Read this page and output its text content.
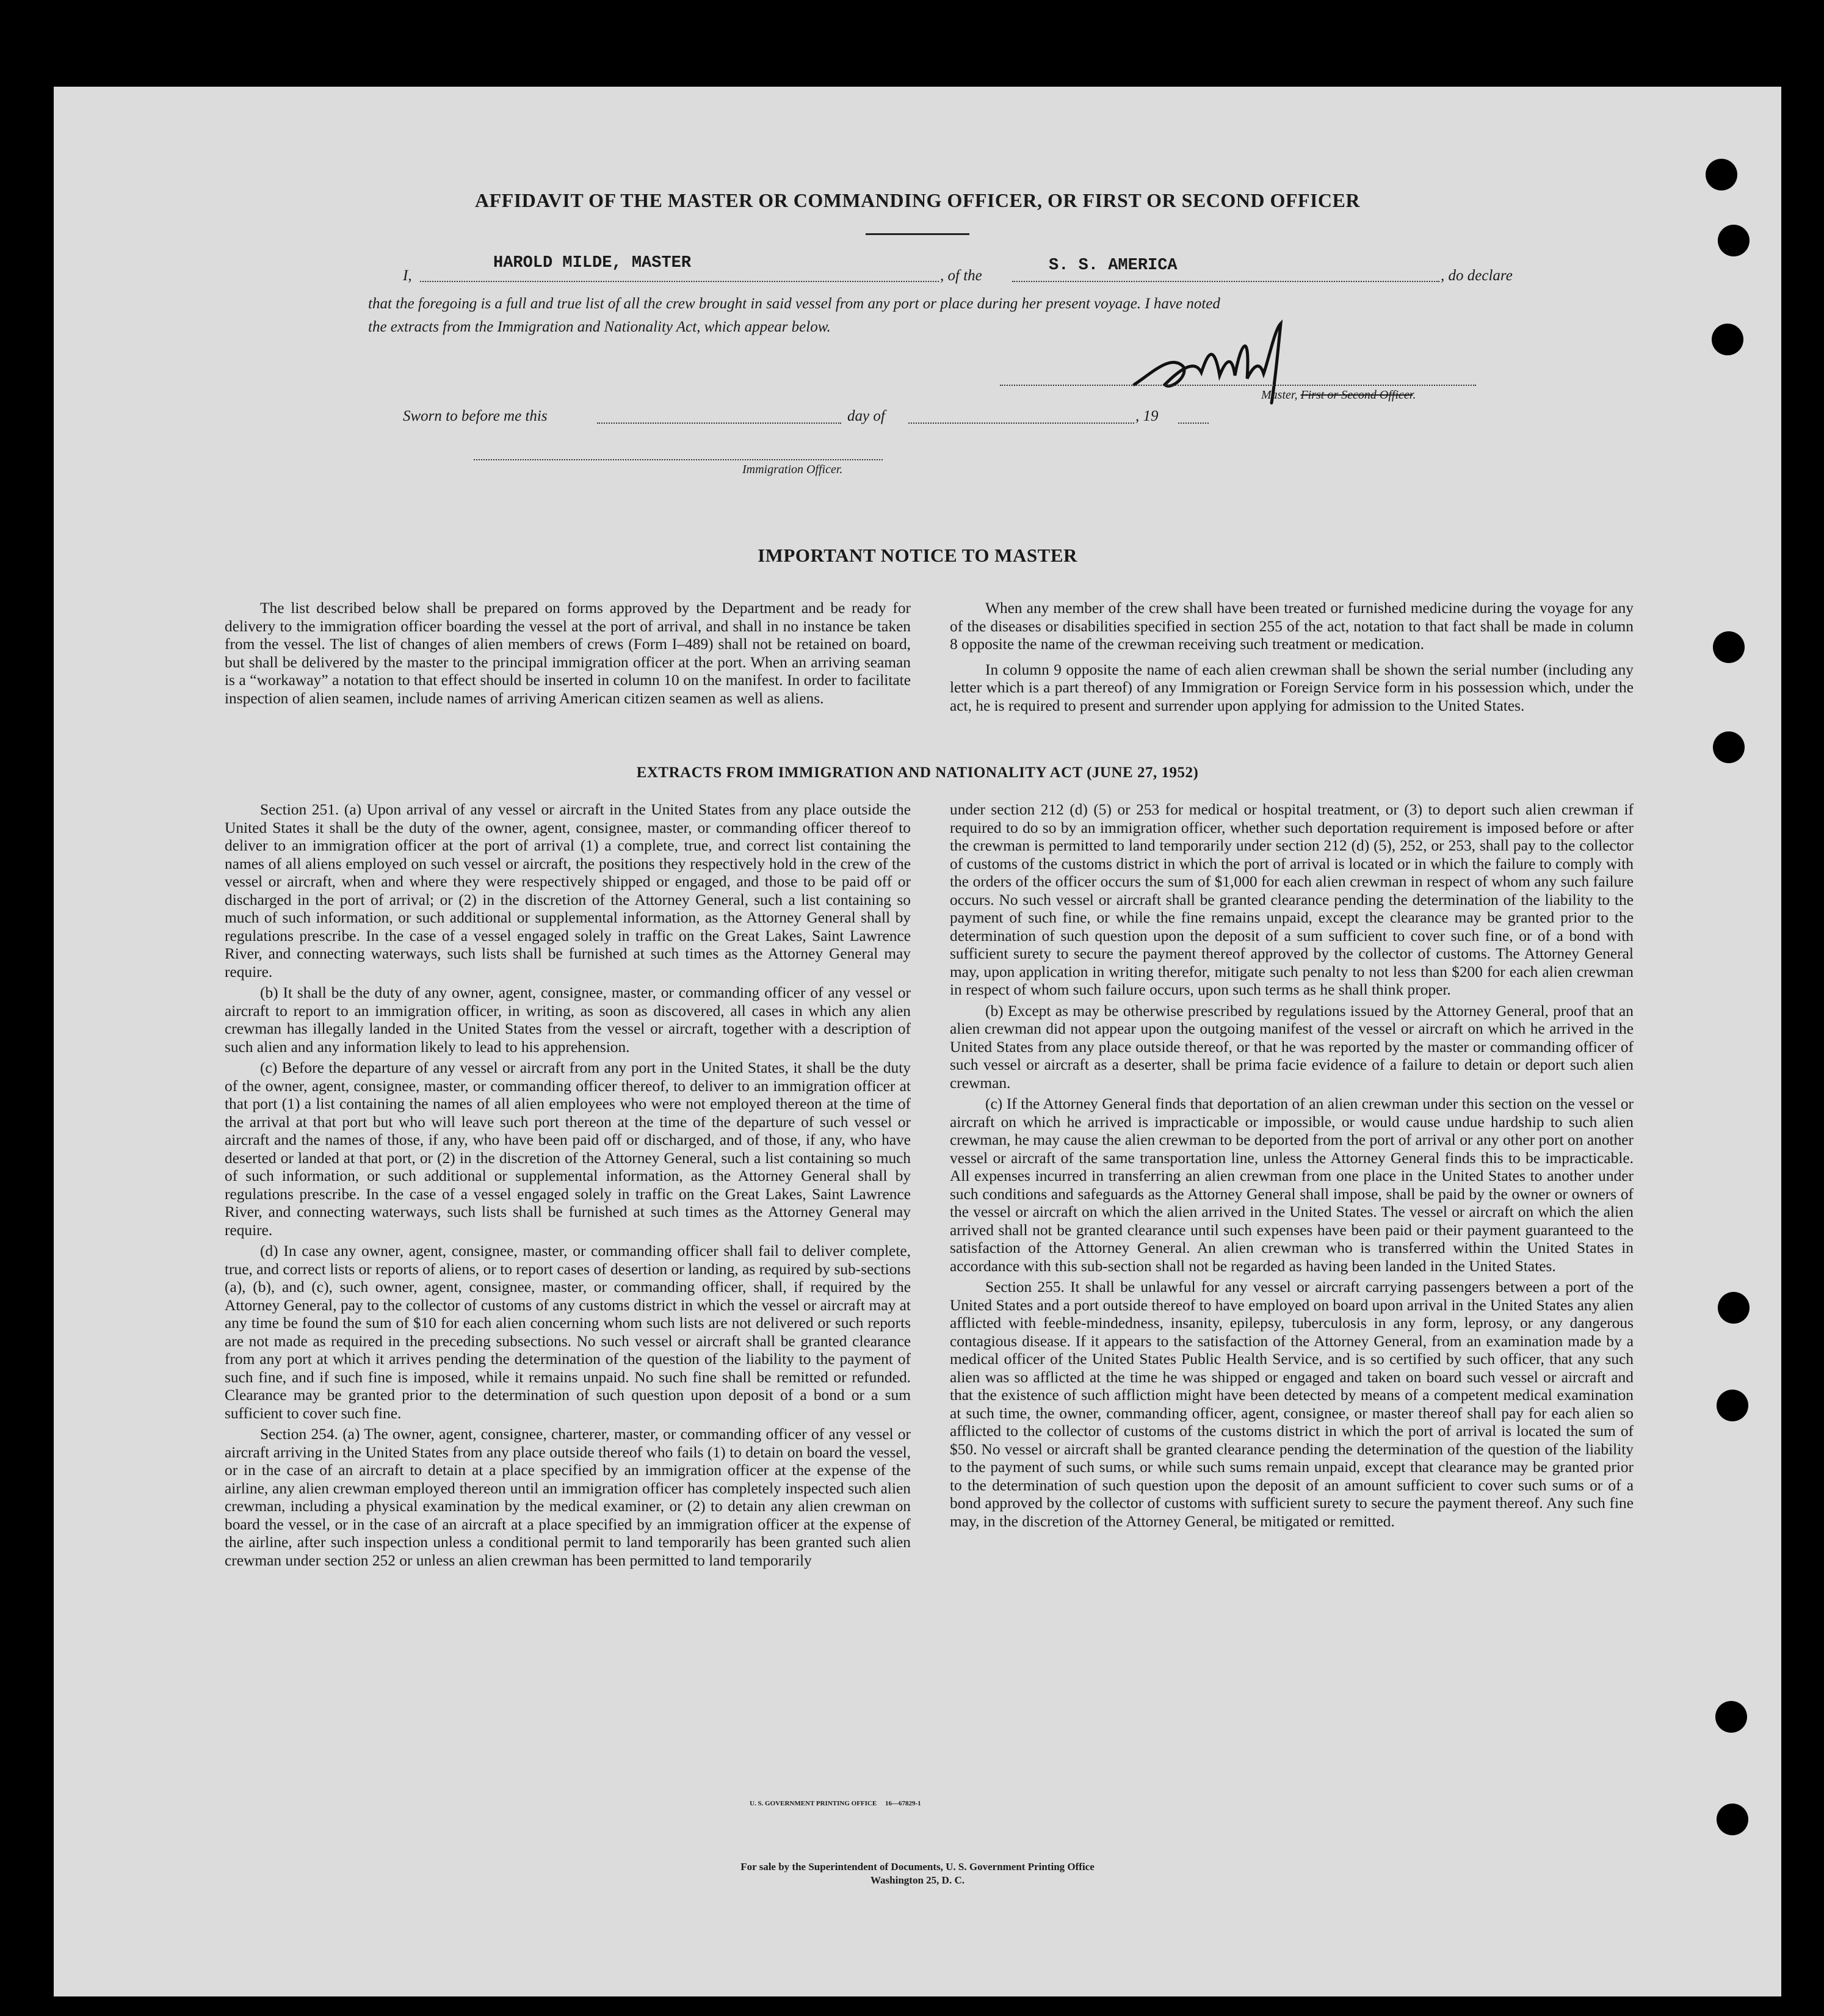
AFFIDAVIT OF THE MASTER OR COMMANDING OFFICER, OR FIRST OR SECOND OFFICER
I,
HAROLD MILDE, MASTER
, of the
S. S. AMERICA
, do declare
that the foregoing is a full and true list of all the crew brought in said vessel from any port or place during her present voyage. I have noted
the extracts from the Immigration and Nationality Act, which appear below.
Master, First or Second Officer.
Sworn to before me this	day of	, 19
Immigration Officer.
IMPORTANT NOTICE TO MASTER

The list described below shall be prepared on forms approved by the Department and be ready for delivery to the immigration officer boarding the vessel at the port of arrival, and shall in no instance be taken from the vessel. The list of changes of alien members of crews (Form I–489) shall not be retained on board, but shall be delivered by the master to the principal immigration officer at the port. When an arriving seaman is a “workaway” a notation to that effect should be inserted in column 10 on the manifest. In order to facilitate inspection of alien seamen, include names of arriving American citizen seamen as well as aliens.

When any member of the crew shall have been treated or furnished medicine during the voyage for any of the diseases or disabilities specified in section 255 of the act, notation to that fact shall be made in column 8 opposite the name of the crewman receiving such treatment or medication.

In column 9 opposite the name of each alien crewman shall be shown the serial number (including any letter which is a part thereof) of any Immigration or Foreign Service form in his possession which, under the act, he is required to present and surrender upon applying for admission to the United States.

EXTRACTS FROM IMMIGRATION AND NATIONALITY ACT (JUNE 27, 1952)

Section 251. (a) Upon arrival of any vessel or aircraft in the United States from any place outside the United States it shall be the duty of the owner, agent, consignee, master, or commanding officer thereof to deliver to an immigration officer at the port of arrival (1) a complete, true, and correct list containing the names of all aliens employed on such vessel or aircraft, the positions they respectively hold in the crew of the vessel or aircraft, when and where they were respectively shipped or engaged, and those to be paid off or discharged in the port of arrival; or (2) in the discretion of the Attorney General, such a list containing so much of such information, or such additional or supplemental information, as the Attorney General shall by regulations prescribe. In the case of a vessel engaged solely in traffic on the Great Lakes, Saint Lawrence River, and connecting waterways, such lists shall be furnished at such times as the Attorney General may require.

(b) It shall be the duty of any owner, agent, consignee, master, or commanding officer of any vessel or aircraft to report to an immigration officer, in writing, as soon as discovered, all cases in which any alien crewman has illegally landed in the United States from the vessel or aircraft, together with a description of such alien and any information likely to lead to his apprehension.

(c) Before the departure of any vessel or aircraft from any port in the United States, it shall be the duty of the owner, agent, consignee, master, or commanding officer thereof, to deliver to an immigration officer at that port (1) a list containing the names of all alien employees who were not employed thereon at the time of the arrival at that port but who will leave such port thereon at the time of the departure of such vessel or aircraft and the names of those, if any, who have been paid off or discharged, and of those, if any, who have deserted or landed at that port, or (2) in the discretion of the Attorney General, such a list containing so much of such information, or such additional or supplemental information, as the Attorney General shall by regulations prescribe. In the case of a vessel engaged solely in traffic on the Great Lakes, Saint Lawrence River, and connecting waterways, such lists shall be furnished at such times as the Attorney General may require.

(d) In case any owner, agent, consignee, master, or commanding officer shall fail to deliver complete, true, and correct lists or reports of aliens, or to report cases of desertion or landing, as required by sub-sections (a), (b), and (c), such owner, agent, consignee, master, or commanding officer, shall, if required by the Attorney General, pay to the collector of customs of any customs district in which the vessel or aircraft may at any time be found the sum of $10 for each alien concerning whom such lists are not delivered or such reports are not made as required in the preceding subsections. No such vessel or aircraft shall be granted clearance from any port at which it arrives pending the determination of the question of the liability to the payment of such fine, and if such fine is imposed, while it remains unpaid. No such fine shall be remitted or refunded. Clearance may be granted prior to the determination of such question upon deposit of a bond or a sum sufficient to cover such fine.

Section 254. (a) The owner, agent, consignee, charterer, master, or commanding officer of any vessel or aircraft arriving in the United States from any place outside thereof who fails (1) to detain on board the vessel, or in the case of an aircraft to detain at a place specified by an immigration officer at the expense of the airline, any alien crewman employed thereon until an immigration officer has completely inspected such alien crewman, including a physical examination by the medical examiner, or (2) to detain any alien crewman on board the vessel, or in the case of an aircraft at a place specified by an immigration officer at the expense of the airline, after such inspection unless a conditional permit to land temporarily has been granted such alien crewman under section 252 or unless an alien crewman has been permitted to land temporarily

under section 212 (d) (5) or 253 for medical or hospital treatment, or (3) to deport such alien crewman if required to do so by an immigration officer, whether such deportation requirement is imposed before or after the crewman is permitted to land temporarily under section 212 (d) (5), 252, or 253, shall pay to the collector of customs of the customs district in which the port of arrival is located or in which the failure to comply with the orders of the officer occurs the sum of $1,000 for each alien crewman in respect of whom any such failure occurs. No such vessel or aircraft shall be granted clearance pending the determination of the liability to the payment of such fine, or while the fine remains unpaid, except the clearance may be granted prior to the determination of such question upon the deposit of a sum sufficient to cover such fine, or of a bond with sufficient surety to secure the payment thereof approved by the collector of customs. The Attorney General may, upon application in writing therefor, mitigate such penalty to not less than $200 for each alien crewman in respect of whom such failure occurs, upon such terms as he shall think proper.

(b) Except as may be otherwise prescribed by regulations issued by the Attorney General, proof that an alien crewman did not appear upon the outgoing manifest of the vessel or aircraft on which he arrived in the United States from any place outside thereof, or that he was reported by the master or commanding officer of such vessel or aircraft as a deserter, shall be prima facie evidence of a failure to detain or deport such alien crewman.

(c) If the Attorney General finds that deportation of an alien crewman under this section on the vessel or aircraft on which he arrived is impracticable or impossible, or would cause undue hardship to such alien crewman, he may cause the alien crewman to be deported from the port of arrival or any other port on another vessel or aircraft of the same transportation line, unless the Attorney General finds this to be impracticable. All expenses incurred in transferring an alien crewman from one place in the United States to another under such conditions and safeguards as the Attorney General shall impose, shall be paid by the owner or owners of the vessel or aircraft on which the alien arrived in the United States. The vessel or aircraft on which the alien arrived shall not be granted clearance until such expenses have been paid or their payment guaranteed to the satisfaction of the Attorney General. An alien crewman who is transferred within the United States in accordance with this sub-section shall not be regarded as having been landed in the United States.

Section 255. It shall be unlawful for any vessel or aircraft carrying passengers between a port of the United States and a port outside thereof to have employed on board upon arrival in the United States any alien afflicted with feeble-mindedness, insanity, epilepsy, tuberculosis in any form, leprosy, or any dangerous contagious disease. If it appears to the satisfaction of the Attorney General, from an examination made by a medical officer of the United States Public Health Service, and is so certified by such officer, that any such alien was so afflicted at the time he was shipped or engaged and taken on board such vessel or aircraft and that the existence of such affliction might have been detected by means of a competent medical examination at such time, the owner, commanding officer, agent, consignee, or master thereof shall pay for each alien so afflicted to the collector of customs of the customs district in which the port of arrival is located the sum of $50. No vessel or aircraft shall be granted clearance pending the determination of the question of the liability to the payment of such sums, or while such sums remain unpaid, except that clearance may be granted prior to the determination of such question upon the deposit of an amount sufficient to cover such sums or of a bond approved by the collector of customs with sufficient surety to secure the payment thereof. Any such fine may, in the discretion of the Attorney General, be mitigated or remitted.

U. S. GOVERNMENT PRINTING OFFICE     16—67829-1
For sale by the Superintendent of Documents, U. S. Government Printing Office
Washington 25, D. C.
